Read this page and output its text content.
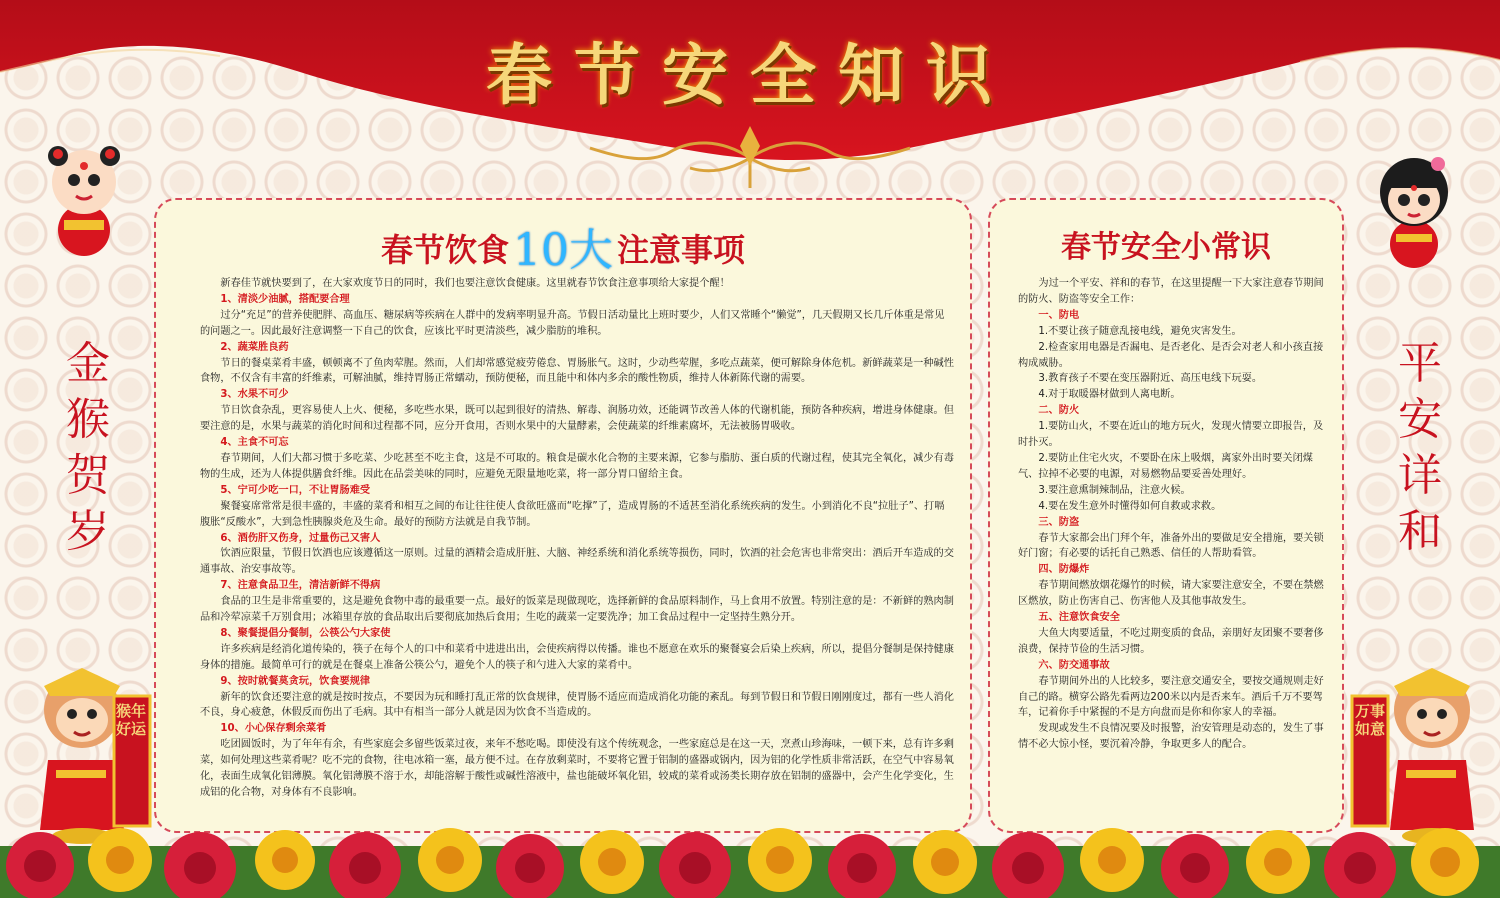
春节安全知识
金
猴
贺
岁
平
安
详
和
春节饮食10大 注意事项

新春佳节就快要到了，在大家欢度节日的同时，我们也要注意饮食健康。这里就春节饮食注意事项给大家提个醒！

1、清淡少油腻，搭配要合理

过分“充足”的营养使肥胖、高血压、糖尿病等疾病在人群中的发病率明显升高。节假日活动量比上班时要少，人们又常睡个“懒觉”，几天假期又长几斤体重是常见的问题之一。因此最好注意调整一下自己的饮食，应该比平时更清淡些，减少脂肪的堆积。

2、蔬菜胜良药

节日的餐桌菜肴丰盛，顿顿离不了鱼肉荤腥。然而，人们却常感觉疲劳倦怠、胃肠胀气。这时，少动些荤腥，多吃点蔬菜，便可解除身体危机。新鲜蔬菜是一种碱性食物，不仅含有丰富的纤维素，可解油腻，维持胃肠正常蠕动，预防便秘，而且能中和体内多余的酸性物质，维持人体新陈代谢的需要。

3、水果不可少

节日饮食杂乱，更容易使人上火、便秘，多吃些水果，既可以起到很好的清热、解毒、润肠功效，还能调节改善人体的代谢机能，预防各种疾病，增进身体健康。但要注意的是，水果与蔬菜的消化时间和过程都不同，应分开食用，否则水果中的大量酵素，会使蔬菜的纤维素腐坏，无法被肠胃吸收。

4、主食不可忘

春节期间，人们大都习惯于多吃菜、少吃甚至不吃主食，这是不可取的。粮食是碳水化合物的主要来源，它参与脂肪、蛋白质的代谢过程，使其完全氧化，减少有毒物的生成，还为人体提供膳食纤维。因此在品尝美味的同时，应避免无限量地吃菜，将一部分胃口留给主食。

5、宁可少吃一口，不让胃肠难受

聚餐宴席常常是很丰盛的，丰盛的菜肴和相互之间的布让往往使人食欲旺盛而“吃撑”了，造成胃肠的不适甚至消化系统疾病的发生。小到消化不良“拉肚子”、打嗝腹胀“反酸水”，大到急性胰腺炎危及生命。最好的预防方法就是自我节制。

6、酒伤肝又伤身，过量伤己又害人

饮酒应限量，节假日饮酒也应该遵循这一原则。过量的酒精会造成肝脏、大脑、神经系统和消化系统等损伤，同时，饮酒的社会危害也非常突出：酒后开车造成的交通事故、治安事故等。

7、注意食品卫生，清洁新鲜不得病

食品的卫生是非常重要的，这是避免食物中毒的最重要一点。最好的饭菜是现做现吃，选择新鲜的食品原料制作，马上食用不放置。特别注意的是：不新鲜的熟肉制品和冷荤凉菜千万别食用；冰箱里存放的食品取出后要彻底加热后食用；生吃的蔬菜一定要洗净；加工食品过程中一定坚持生熟分开。

8、聚餐提倡分餐制，公筷公勺大家使

许多疾病是经消化道传染的，筷子在每个人的口中和菜肴中进进出出，会使疾病得以传播。谁也不愿意在欢乐的聚餐宴会后染上疾病，所以，提倡分餐制是保持健康身体的措施。最简单可行的就是在餐桌上准备公筷公勺，避免个人的筷子和勺进入大家的菜肴中。

9、按时就餐莫贪玩，饮食要规律

新年的饮食还要注意的就是按时按点，不要因为玩和睡打乱正常的饮食规律，使胃肠不适应而造成消化功能的紊乱。每到节假日和节假日刚刚度过，都有一些人消化不良，身心疲惫，休假反而伤出了毛病。其中有相当一部分人就是因为饮食不当造成的。

10、小心保存剩余菜肴

吃团圆饭时，为了年年有余，有些家庭会多留些饭菜过夜，来年不愁吃喝。即使没有这个传统观念，一些家庭总是在这一天，烹煮山珍海味，一顿下来，总有许多剩菜，如何处理这些菜肴呢？吃不完的食物，往电冰箱一塞，最方便不过。在存放剩菜时，不要将它置于铝制的盛器或锅内，因为铝的化学性质非常活跃，在空气中容易氧化，表面生成氧化铝薄膜。氧化铝薄膜不溶于水，却能溶解于酸性或碱性溶液中，盐也能破坏氧化铝，较咸的菜肴或汤类长期存放在铝制的盛器中，会产生化学变化，生成铝的化合物，对身体有不良影响。

春节安全小常识

为过一个平安、祥和的春节，在这里提醒一下大家注意春节期间的防火、防盗等安全工作：

一、防电

1.不要让孩子随意乱接电线，避免灾害发生。

2.检查家用电器是否漏电、是否老化、是否会对老人和小孩直接构成威胁。

3.教育孩子不要在变压器附近、高压电线下玩耍。

4.对于取暖器材做到人离电断。

二、防火

1.要防山火，不要在近山的地方玩火，发现火情要立即报告，及时扑灭。

2.要防止住宅火灾，不要卧在床上吸烟，离家外出时要关闭煤气、拉掉不必要的电源，对易燃物品要妥善处理好。

3.要注意熏制辣制品，注意火候。

4.要在发生意外时懂得如何自救或求救。

三、防盗

春节大家都会出门拜个年，准备外出的要做足安全措施，要关锁好门窗；有必要的话托自己熟悉、信任的人帮助看管。

四、防爆炸

春节期间燃放烟花爆竹的时候，请大家要注意安全，不要在禁燃区燃放，防止伤害自己、伤害他人及其他事故发生。

五、注意饮食安全

大鱼大肉要适量，不吃过期变质的食品，亲朋好友团聚不要奢侈浪费，保持节俭的生活习惯。

六、防交通事故

春节期间外出的人比较多，要注意交通安全，要按交通规则走好自己的路。横穿公路先看两边200米以内是否来车。酒后千万不要驾车，记着你手中紧握的不是方向盘而是你和你家人的幸福。

发现或发生不良情况要及时报警，治安管理是动态的，发生了事情不必大惊小怪，要沉着冷静，争取更多人的配合。

猴年好运
万事如意
